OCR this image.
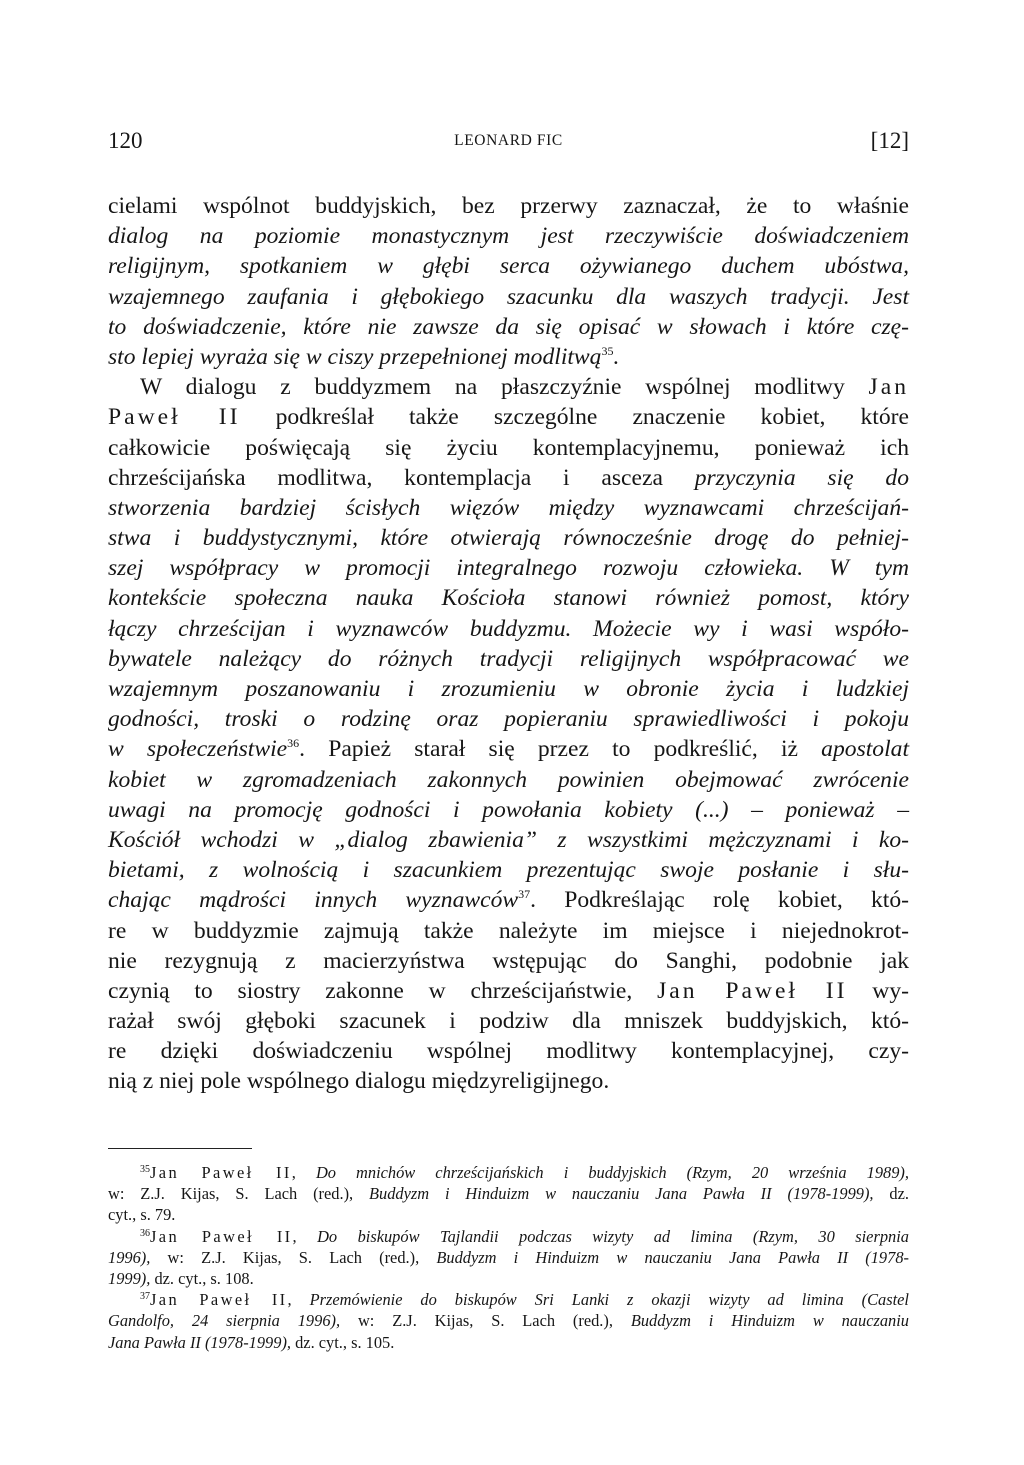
120	LEONARD FIC	[12]
cielami wspólnot buddyjskich, bez przerwy zaznaczał, że to właśnie
dialog na poziomie monastycznym jest rzeczywiście doświadczeniem
religijnym, spotkaniem w głębi serca ożywianego duchem ubóstwa,
wzajemnego zaufania i głębokiego szacunku dla waszych tradycji. Jest
to doświadczenie, które nie zawsze da się opisać w słowach i które czę-
sto lepiej wyraża się w ciszy przepełnionej modlitwą$^{35}$.
W dialogu z buddyzmem na płaszczyźnie wspólnej modlitwy Jan
Paweł II podkreślał także szczególne znaczenie kobiet, które
całkowicie poświęcają się życiu kontemplacyjnemu, ponieważ ich
chrześcijańska modlitwa, kontemplacja i asceza przyczynia się do
stworzenia bardziej ścisłych więzów między wyznawcami chrześcijań-
stwa i buddystycznymi, które otwierają równocześnie drogę do pełniej-
szej współpracy w promocji integralnego rozwoju człowieka. W tym
kontekście społeczna nauka Kościoła stanowi również pomost, który
łączy chrześcijan i wyznawców buddyzmu. Możecie wy i wasi współo-
bywatele należący do różnych tradycji religijnych współpracować we
wzajemnym poszanowaniu i zrozumieniu w obronie życia i ludzkiej
godności, troski o rodzinę oraz popieraniu sprawiedliwości i pokoju
w społeczeństwie$^{36}$. Papież starał się przez to podkreślić, iż apostolat
kobiet w zgromadzeniach zakonnych powinien obejmować zwrócenie
uwagi na promocję godności i powołania kobiety (...) – ponieważ –
Kościół wchodzi w „dialog zbawienia” z wszystkimi mężczyznami i ko-
bietami, z wolnością i szacunkiem prezentując swoje posłanie i słu-
chając mądrości innych wyznawców$^{37}$. Podkreślając rolę kobiet, któ-
re w buddyzmie zajmują także należyte im miejsce i niejednokrot-
nie rezygnują z macierzyństwa wstępując do Sanghi, podobnie jak
czynią to siostry zakonne w chrześcijaństwie, Jan Paweł II wy-
rażał swój głęboki szacunek i podziw dla mniszek buddyjskich, któ-
re dzięki doświadczeniu wspólnej modlitwy kontemplacyjnej, czy-
nią z niej pole wspólnego dialogu międzyreligijnego.
$^{35}$Jan Paweł II, Do mnichów chrześcijańskich i buddyjskich (Rzym, 20 września 1989),
w: Z.J. Kijas, S. Lach (red.), Buddyzm i Hinduizm w nauczaniu Jana Pawła II (1978-1999), dz.
cyt., s. 79.
$^{36}$Jan Paweł II, Do biskupów Tajlandii podczas wizyty ad limina (Rzym, 30 sierpnia
1996), w: Z.J. Kijas, S. Lach (red.), Buddyzm i Hinduizm w nauczaniu Jana Pawła II (1978-
1999), dz. cyt., s. 108.
$^{37}$Jan Paweł II, Przemówienie do biskupów Sri Lanki z okazji wizyty ad limina (Castel
Gandolfo, 24 sierpnia 1996), w: Z.J. Kijas, S. Lach (red.), Buddyzm i Hinduizm w nauczaniu
Jana Pawła II (1978-1999), dz. cyt., s. 105.
